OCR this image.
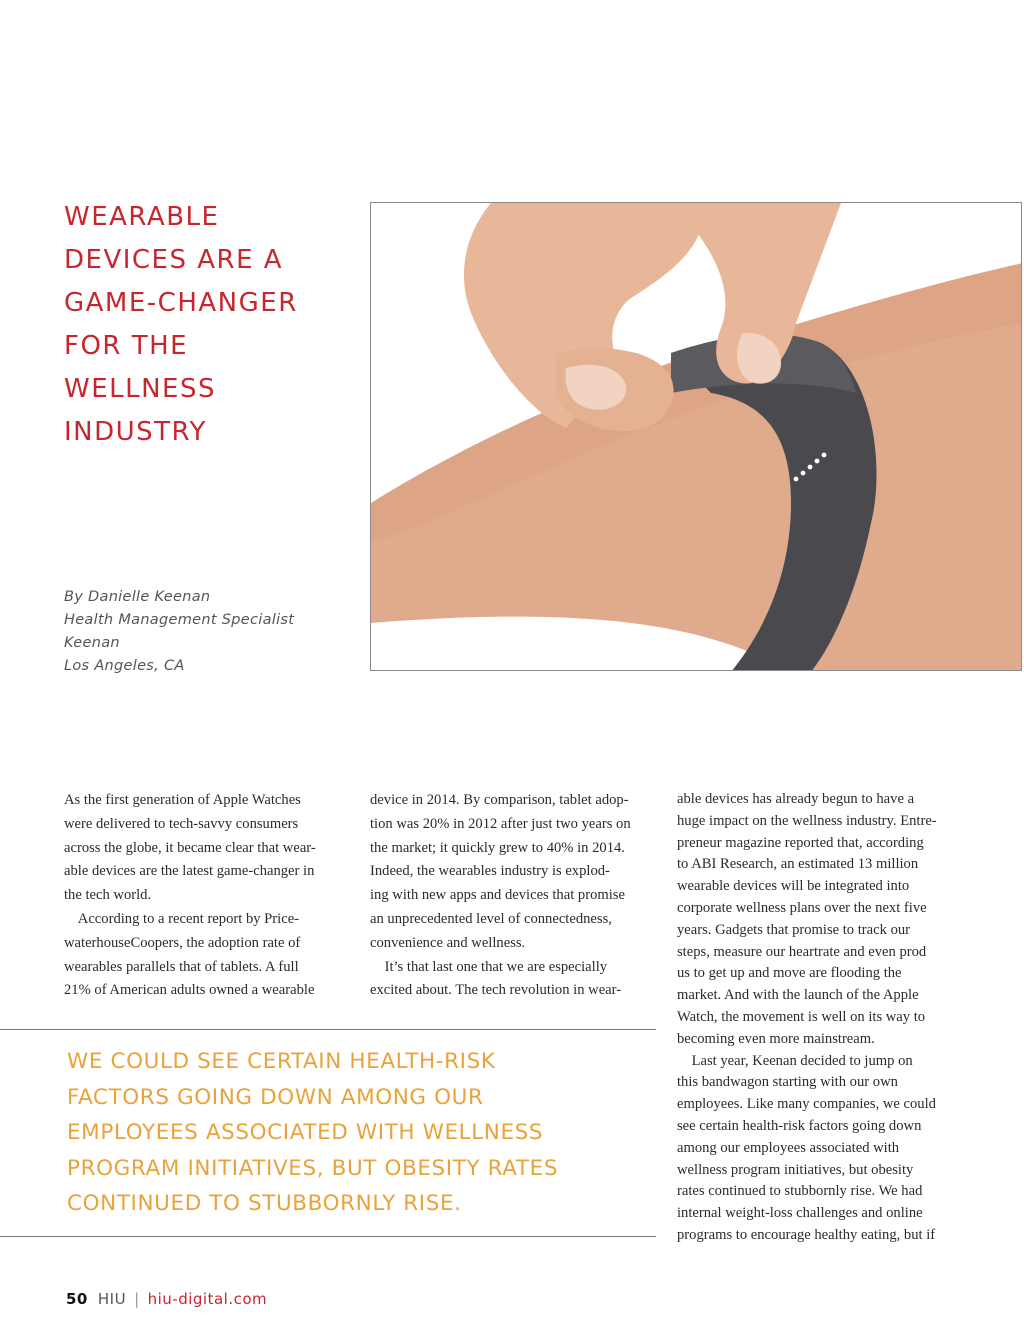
WEARABLE
DEVICES ARE A
GAME-CHANGER
FOR THE
WELLNESS
INDUSTRY
By Danielle Keenan
Health Management Specialist
Keenan
Los Angeles, CA
As the first generation of Apple Watches
were delivered to tech-savvy consumers
across the globe, it became clear that wear-
able devices are the latest game-changer in
the tech world.
According to a recent report by Price-
waterhouseCoopers, the adoption rate of
wearables parallels that of tablets. A full
21% of American adults owned a wearable
device in 2014. By comparison, tablet adop-
tion was 20% in 2012 after just two years on
the market; it quickly grew to 40% in 2014.
Indeed, the wearables industry is explod-
ing with new apps and devices that promise
an unprecedented level of connectedness,
convenience and wellness.
It’s that last one that we are especially
excited about. The tech revolution in wear-
able devices has already begun to have a
huge impact on the wellness industry. Entre-
preneur magazine reported that, according
to ABI Research, an estimated 13 million
wearable devices will be integrated into
corporate wellness plans over the next five
years. Gadgets that promise to track our
steps, measure our heartrate and even prod
us to get up and move are flooding the
market. And with the launch of the Apple
Watch, the movement is well on its way to
becoming even more mainstream.
Last year, Keenan decided to jump on
this bandwagon starting with our own
employees. Like many companies, we could
see certain health-risk factors going down
among our employees associated with
wellness program initiatives, but obesity
rates continued to stubbornly rise. We had
internal weight-loss challenges and online
programs to encourage healthy eating, but if
WE COULD SEE CERTAIN HEALTH-RISK
FACTORS GOING DOWN AMONG OUR
EMPLOYEES ASSOCIATED WITH WELLNESS
PROGRAM INITIATIVES, BUT OBESITY RATES
CONTINUED TO STUBBORNLY RISE.
50 HIU | hiu-digital.com
